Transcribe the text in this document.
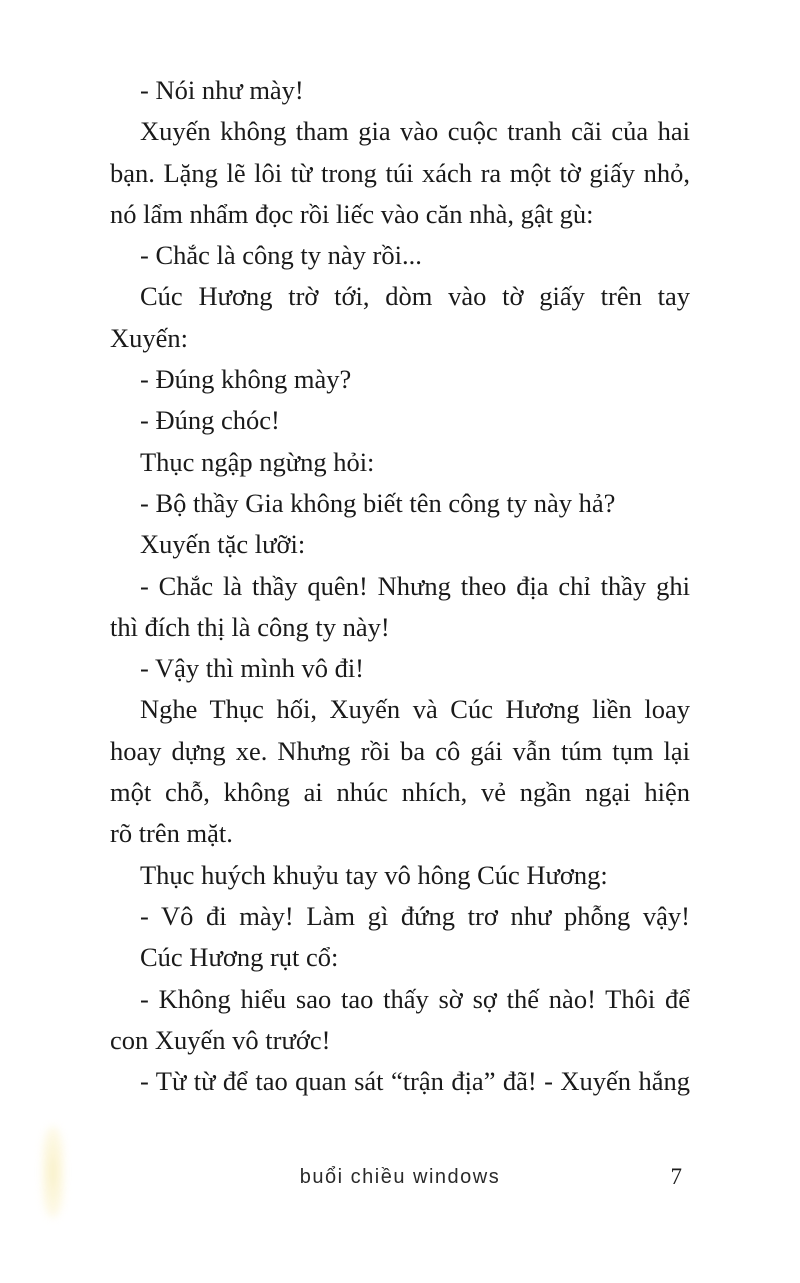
- Nói như mày!
Xuyến không tham gia vào cuộc tranh cãi của hai
bạn. Lặng lẽ lôi từ trong túi xách ra một tờ giấy nhỏ,
nó lẩm nhẩm đọc rồi liếc vào căn nhà, gật gù:
- Chắc là công ty này rồi...
Cúc Hương trờ tới, dòm vào tờ giấy trên tay
Xuyến:
- Đúng không mày?
- Đúng chóc!
Thục ngập ngừng hỏi:
- Bộ thầy Gia không biết tên công ty này hả?
Xuyến tặc lưỡi:
- Chắc là thầy quên! Nhưng theo địa chỉ thầy ghi
thì đích thị là công ty này!
- Vậy thì mình vô đi!
Nghe Thục hối, Xuyến và Cúc Hương liền loay
hoay dựng xe. Nhưng rồi ba cô gái vẫn túm tụm lại
một chỗ, không ai nhúc nhích, vẻ ngần ngại hiện
rõ trên mặt.
Thục huých khuỷu tay vô hông Cúc Hương:
- Vô đi mày! Làm gì đứng trơ như phỗng vậy!
Cúc Hương rụt cổ:
- Không hiểu sao tao thấy sờ sợ thế nào! Thôi để
con Xuyến vô trước!
- Từ từ để tao quan sát “trận địa” đã! - Xuyến hắng
buổi chiều windows	7
